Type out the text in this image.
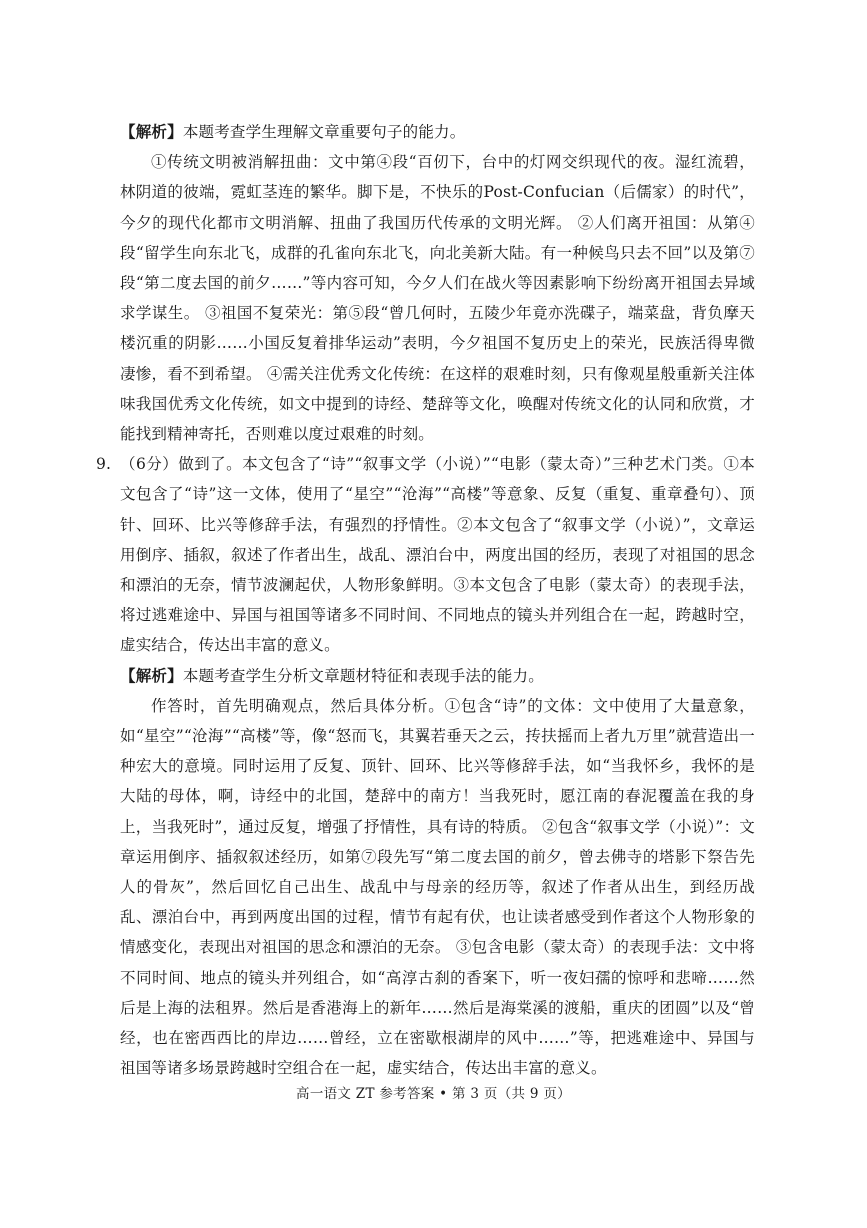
【解析】本题考查学生理解文章重要句子的能力。

①传统文明被消解扭曲：文中第④段“百仞下，台中的灯网交织现代的夜。湿红流碧，林阴道的彼端，霓虹茎连的繁华。脚下是，不快乐的Post-Confucian（后儒家）的时代”，今夕的现代化都市文明消解、扭曲了我国历代传承的文明光辉。 ②人们离开祖国：从第④段“留学生向东北飞，成群的孔雀向东北飞，向北美新大陆。有一种候鸟只去不回”以及第⑦段“第二度去国的前夕……”等内容可知，今夕人们在战火等因素影响下纷纷离开祖国去异域求学谋生。 ③祖国不复荣光：第⑤段“曾几何时，五陵少年竟亦洗碟子，端菜盘，背负摩天楼沉重的阴影……小国反复着排华运动”表明，今夕祖国不复历史上的荣光，民族活得卑微凄惨，看不到希望。 ④需关注优秀文化传统：在这样的艰难时刻，只有像观星般重新关注体味我国优秀文化传统，如文中提到的诗经、楚辞等文化，唤醒对传统文化的认同和欣赏，才能找到精神寄托，否则难以度过艰难的时刻。

9. （6分）做到了。本文包含了“诗”“叙事文学（小说）”“电影（蒙太奇）”三种艺术门类。①本文包含了“诗”这一文体，使用了“星空”“沧海”“高楼”等意象、反复（重复、重章叠句）、顶针、回环、比兴等修辞手法，有强烈的抒情性。②本文包含了“叙事文学（小说）”，文章运用倒序、插叙，叙述了作者出生，战乱、漂泊台中，两度出国的经历，表现了对祖国的思念和漂泊的无奈，情节波澜起伏，人物形象鲜明。③本文包含了电影（蒙太奇）的表现手法，将过逃难途中、异国与祖国等诸多不同时间、不同地点的镜头并列组合在一起，跨越时空，虚实结合，传达出丰富的意义。

【解析】本题考查学生分析文章题材特征和表现手法的能力。

作答时，首先明确观点，然后具体分析。①包含“诗”的文体：文中使用了大量意象，如“星空”“沧海”“高楼”等，像“怒而飞，其翼若垂天之云，抟扶摇而上者九万里”就营造出一种宏大的意境。同时运用了反复、顶针、回环、比兴等修辞手法，如“当我怀乡，我怀的是大陆的母体，啊，诗经中的北国，楚辞中的南方！当我死时，愿江南的春泥覆盖在我的身上，当我死时”，通过反复，增强了抒情性，具有诗的特质。 ②包含“叙事文学（小说）”：文章运用倒序、插叙叙述经历，如第⑦段先写“第二度去国的前夕，曾去佛寺的塔影下祭告先人的骨灰”，然后回忆自己出生、战乱中与母亲的经历等，叙述了作者从出生，到经历战乱、漂泊台中，再到两度出国的过程，情节有起有伏，也让读者感受到作者这个人物形象的情感变化，表现出对祖国的思念和漂泊的无奈。 ③包含电影（蒙太奇）的表现手法：文中将不同时间、地点的镜头并列组合，如“高淳古刹的香案下，听一夜妇孺的惊呼和悲啼……然后是上海的法租界。然后是香港海上的新年……然后是海棠溪的渡船，重庆的团圆”以及“曾经，也在密西西比的岸边……曾经，立在密歇根湖岸的风中……”等，把逃难途中、异国与祖国等诸多场景跨越时空组合在一起，虚实结合，传达出丰富的意义。

高一语文 ZT 参考答案 • 第 3 页（共 9 页）
